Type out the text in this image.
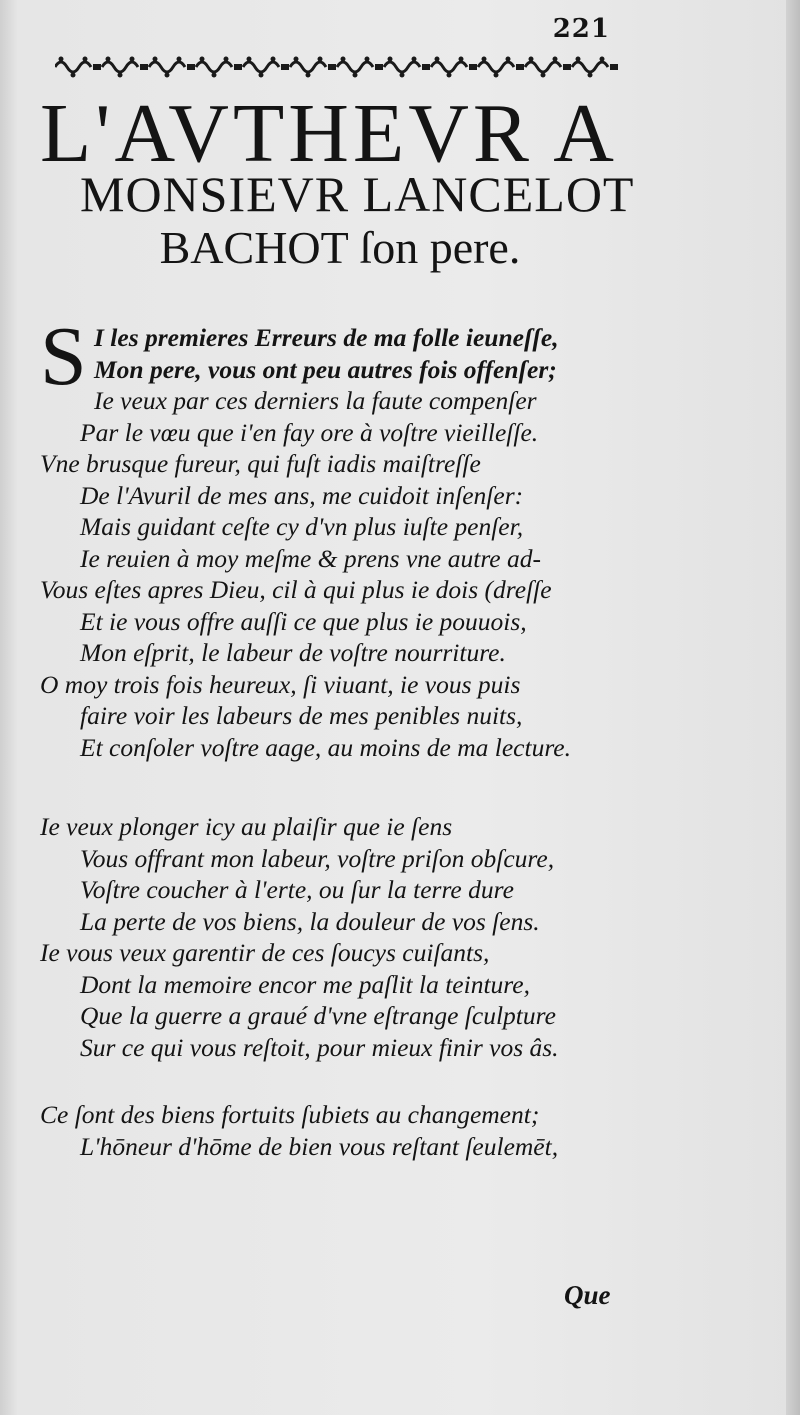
221
L'AVTHEVR A
MONSIEVR LANCELOT
BACHOT ſon pere.
S I les premieres Erreurs de ma folle ieuneſſe,
Mon pere, vous ont peu autres fois offenſer;
Ie veux par ces derniers la faute compenſer
Par le vœu que i'en fay ore à voſtre vieilleſſe.
Vne brusque fureur, qui fuſt iadis maiſtreſſe
De l'Avuril de mes ans, me cuidoit inſenſer:
Mais guidant ceſte cy d'vn plus iuſte penſer,
Ie reuien à moy meſme & prens vne autre ad-
Vous eſtes apres Dieu, cil à qui plus ie dois (dreſſe
Et ie vous offre auſſi ce que plus ie pouuois,
Mon eſprit, le labeur de voſtre nourriture.
O moy trois fois heureux, ſi viuant, ie vous puis
faire voir les labeurs de mes penibles nuits,
Et conſoler voſtre aage, au moins de ma lecture.
Ie veux plonger icy au plaiſir que ie ſens
Vous offrant mon labeur, voſtre priſon obſcure,
Voſtre coucher à l'erte, ou ſur la terre dure
La perte de vos biens, la douleur de vos ſens.
Ie vous veux garentir de ces ſoucys cuiſants,
Dont la memoire encor me paſlit la teinture,
Que la guerre a graué d'vne eſtrange ſculpture
Sur ce qui vous reſtoit, pour mieux finir vos âs.
Ce ſont des biens fortuits ſubiets au changement;
L'hōneur d'hōme de bien vous reſtant ſeulemēt,
Que
